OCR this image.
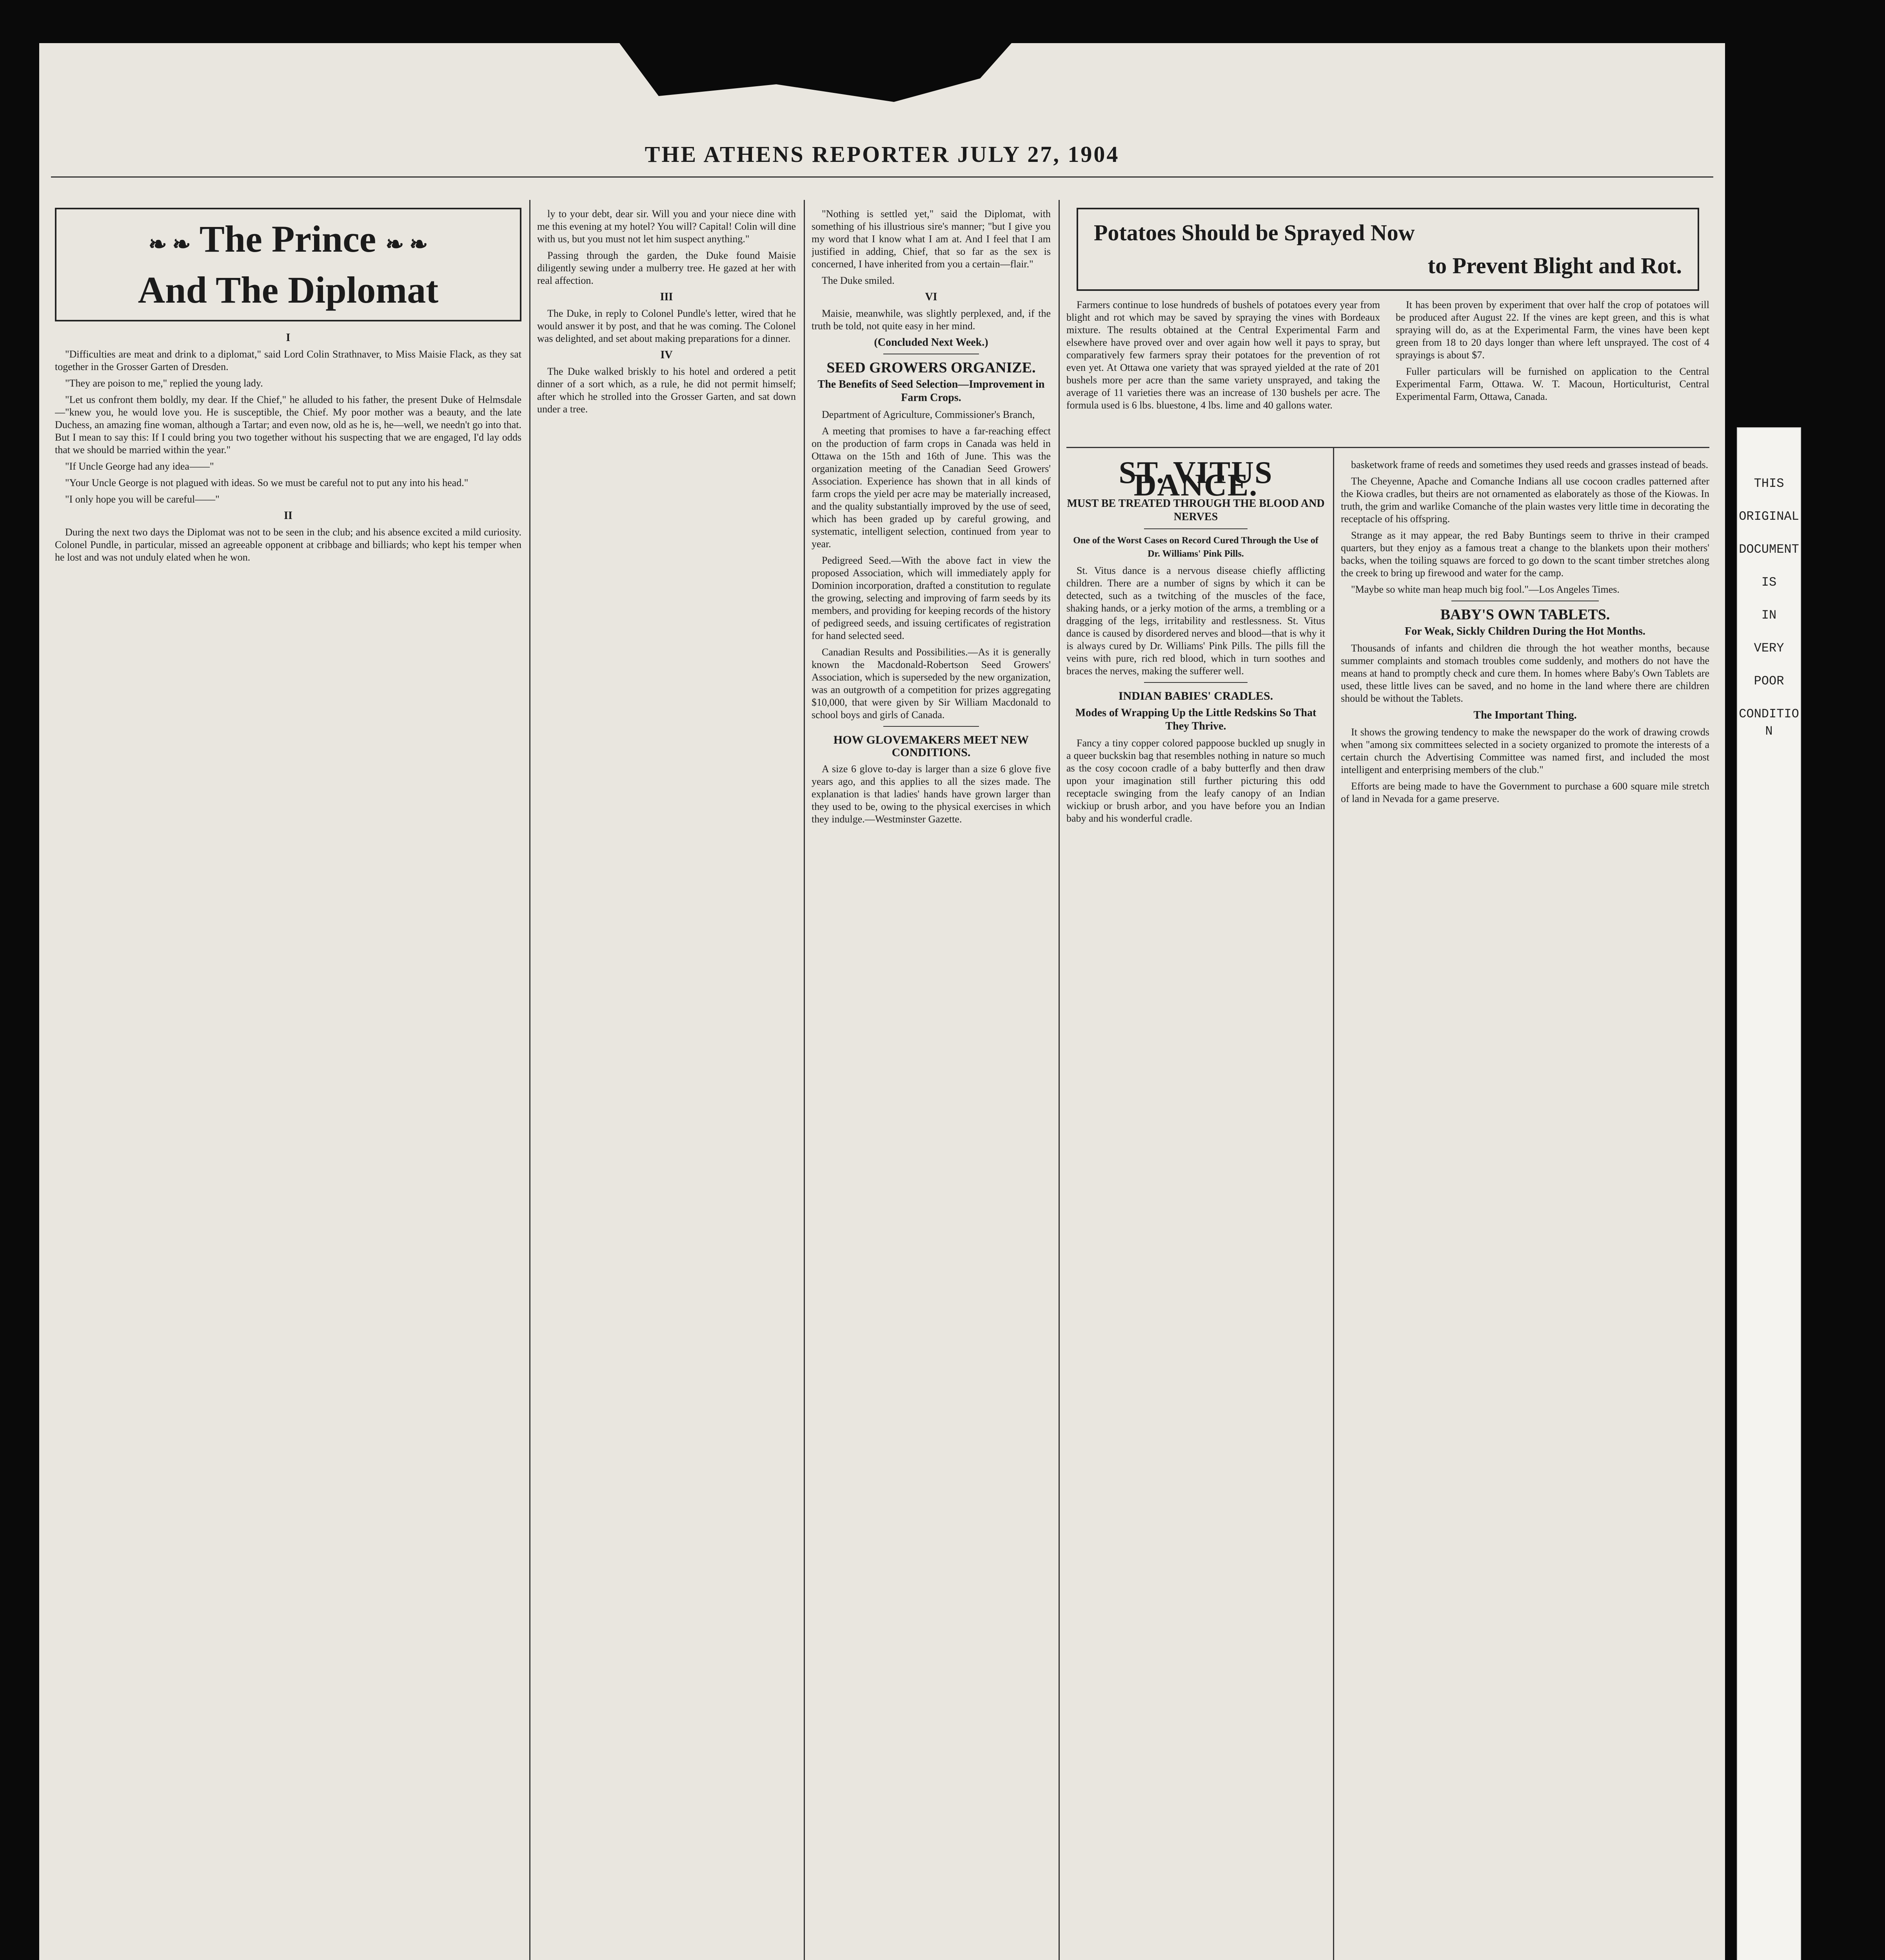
THE ATHENS REPORTER JULY 27, 1904
❧ ❧ The Prince ❧ ❧
And The Diplomat
I

"Difficulties are meat and drink to a diplomat," said Lord Colin Strathnaver, to Miss Maisie Flack, as they sat together in the Grosser Garten of Dresden.

"They are poison to me," replied the young lady.

"Let us confront them boldly, my dear. If the Chief," he alluded to his father, the present Duke of Helmsdale—"knew you, he would love you. He is susceptible, the Chief. My poor mother was a beauty, and the late Duchess, an amazing fine woman, although a Tartar; and even now, old as he is, he—well, we needn't go into that. But I mean to say this: If I could bring you two together without his suspecting that we are engaged, I'd lay odds that we should be married within the year."

"If Uncle George had any idea——"

"Your Uncle George is not plagued with ideas. So we must be careful not to put any into his head."

"I only hope you will be careful——"

II

During the next two days the Diplomat was not to be seen in the club; and his absence excited a mild curiosity. Colonel Pundle, in particular, missed an agreeable opponent at cribbage and billiards; who kept his temper when he lost and was not unduly elated when he won.

ly to your debt, dear sir. Will you and your niece dine with me this evening at my hotel? You will? Capital! Colin will dine with us, but you must not let him suspect anything."

Passing through the garden, the Duke found Maisie diligently sewing under a mulberry tree. He gazed at her with real affection.

III

The Duke, in reply to Colonel Pundle's letter, wired that he would answer it by post, and that he was coming. The Colonel was delighted, and set about making preparations for a dinner.

IV

The Duke walked briskly to his hotel and ordered a petit dinner of a sort which, as a rule, he did not permit himself; after which he strolled into the Grosser Garten, and sat down under a tree.

"Nothing is settled yet," said the Diplomat, with something of his illustrious sire's manner; "but I give you my word that I know what I am at. And I feel that I am justified in adding, Chief, that so far as the sex is concerned, I have inherited from you a certain—flair."

The Duke smiled.

VI

Maisie, meanwhile, was slightly perplexed, and, if the truth be told, not quite easy in her mind.

(Concluded Next Week.)
SEED GROWERS ORGANIZE.
The Benefits of Seed Selection—Improvement in Farm Crops.

Department of Agriculture, Commissioner's Branch,

A meeting that promises to have a far-reaching effect on the production of farm crops in Canada was held in Ottawa on the 15th and 16th of June. This was the organization meeting of the Canadian Seed Growers' Association. Experience has shown that in all kinds of farm crops the yield per acre may be materially increased, and the quality substantially improved by the use of seed, which has been graded up by careful growing, and systematic, intelligent selection, continued from year to year.

Pedigreed Seed.—With the above fact in view the proposed Association, which will immediately apply for Dominion incorporation, drafted a constitution to regulate the growing, selecting and improving of farm seeds by its members, and providing for keeping records of the history of pedigreed seeds, and issuing certificates of registration for hand selected seed.

Canadian Results and Possibilities.—As it is generally known the Macdonald-Robertson Seed Growers' Association, which is superseded by the new organization, was an outgrowth of a competition for prizes aggregating $10,000, that were given by Sir William Macdonald to school boys and girls of Canada.

HOW GLOVEMAKERS MEET NEW CONDITIONS.

A size 6 glove to-day is larger than a size 6 glove five years ago, and this applies to all the sizes made. The explanation is that ladies' hands have grown larger than they used to be, owing to the physical exercises in which they indulge.—Westminster Gazette.

Potatoes Should be Sprayed Now
to Prevent Blight and Rot.

Farmers continue to lose hundreds of bushels of potatoes every year from blight and rot which may be saved by spraying the vines with Bordeaux mixture. The results obtained at the Central Experimental Farm and elsewhere have proved over and over again how well it pays to spray, but comparatively few farmers spray their potatoes for the prevention of rot even yet. At Ottawa one variety that was sprayed yielded at the rate of 201 bushels more per acre than the same variety unsprayed, and taking the average of 11 varieties there was an increase of 130 bushels per acre. The formula used is 6 lbs. bluestone, 4 lbs. lime and 40 gallons water.

It has been proven by experiment that over half the crop of potatoes will be produced after August 22. If the vines are kept green, and this is what spraying will do, as at the Experimental Farm, the vines have been kept green from 18 to 20 days longer than where left unsprayed. The cost of 4 sprayings is about $7.

Fuller particulars will be furnished on application to the Central Experimental Farm, Ottawa. W. T. Macoun, Horticulturist, Central Experimental Farm, Ottawa, Canada.

ST. VITUS DANCE.
MUST BE TREATED THROUGH THE BLOOD AND NERVES
One of the Worst Cases on Record Cured Through the Use of Dr. Williams' Pink Pills.

St. Vitus dance is a nervous disease chiefly afflicting children. There are a number of signs by which it can be detected, such as a twitching of the muscles of the face, shaking hands, or a jerky motion of the arms, a trembling or a dragging of the legs, irritability and restlessness. St. Vitus dance is caused by disordered nerves and blood—that is why it is always cured by Dr. Williams' Pink Pills. The pills fill the veins with pure, rich red blood, which in turn soothes and braces the nerves, making the sufferer well.

INDIAN BABIES' CRADLES.
Modes of Wrapping Up the Little Redskins So That They Thrive.

Fancy a tiny copper colored pappoose buckled up snugly in a queer buckskin bag that resembles nothing in nature so much as the cosy cocoon cradle of a baby butterfly and then draw upon your imagination still further picturing this odd receptacle swinging from the leafy canopy of an Indian wickiup or brush arbor, and you have before you an Indian baby and his wonderful cradle.

basketwork frame of reeds and sometimes they used reeds and grasses instead of beads.

The Cheyenne, Apache and Comanche Indians all use cocoon cradles patterned after the Kiowa cradles, but theirs are not ornamented as elaborately as those of the Kiowas. In truth, the grim and warlike Comanche of the plain wastes very little time in decorating the receptacle of his offspring.

Strange as it may appear, the red Baby Buntings seem to thrive in their cramped quarters, but they enjoy as a famous treat a change to the blankets upon their mothers' backs, when the toiling squaws are forced to go down to the scant timber stretches along the creek to bring up firewood and water for the camp.

"Maybe so white man heap much big fool."—Los Angeles Times.

BABY'S OWN TABLETS.
For Weak, Sickly Children During the Hot Months.

Thousands of infants and children die through the hot weather months, because summer complaints and stomach troubles come suddenly, and mothers do not have the means at hand to promptly check and cure them. In homes where Baby's Own Tablets are used, these little lives can be saved, and no home in the land where there are children should be without the Tablets.

The Important Thing.

It shows the growing tendency to make the newspaper do the work of drawing crowds when "among six committees selected in a society organized to promote the interests of a certain church the Advertising Committee was named first, and included the most intelligent and enterprising members of the club."

Efforts are being made to have the Government to purchase a 600 square mile stretch of land in Nevada for a game preserve.

THIS
ORIGINAL
DOCUMENT
IS
IN
VERY
POOR
CONDITION
